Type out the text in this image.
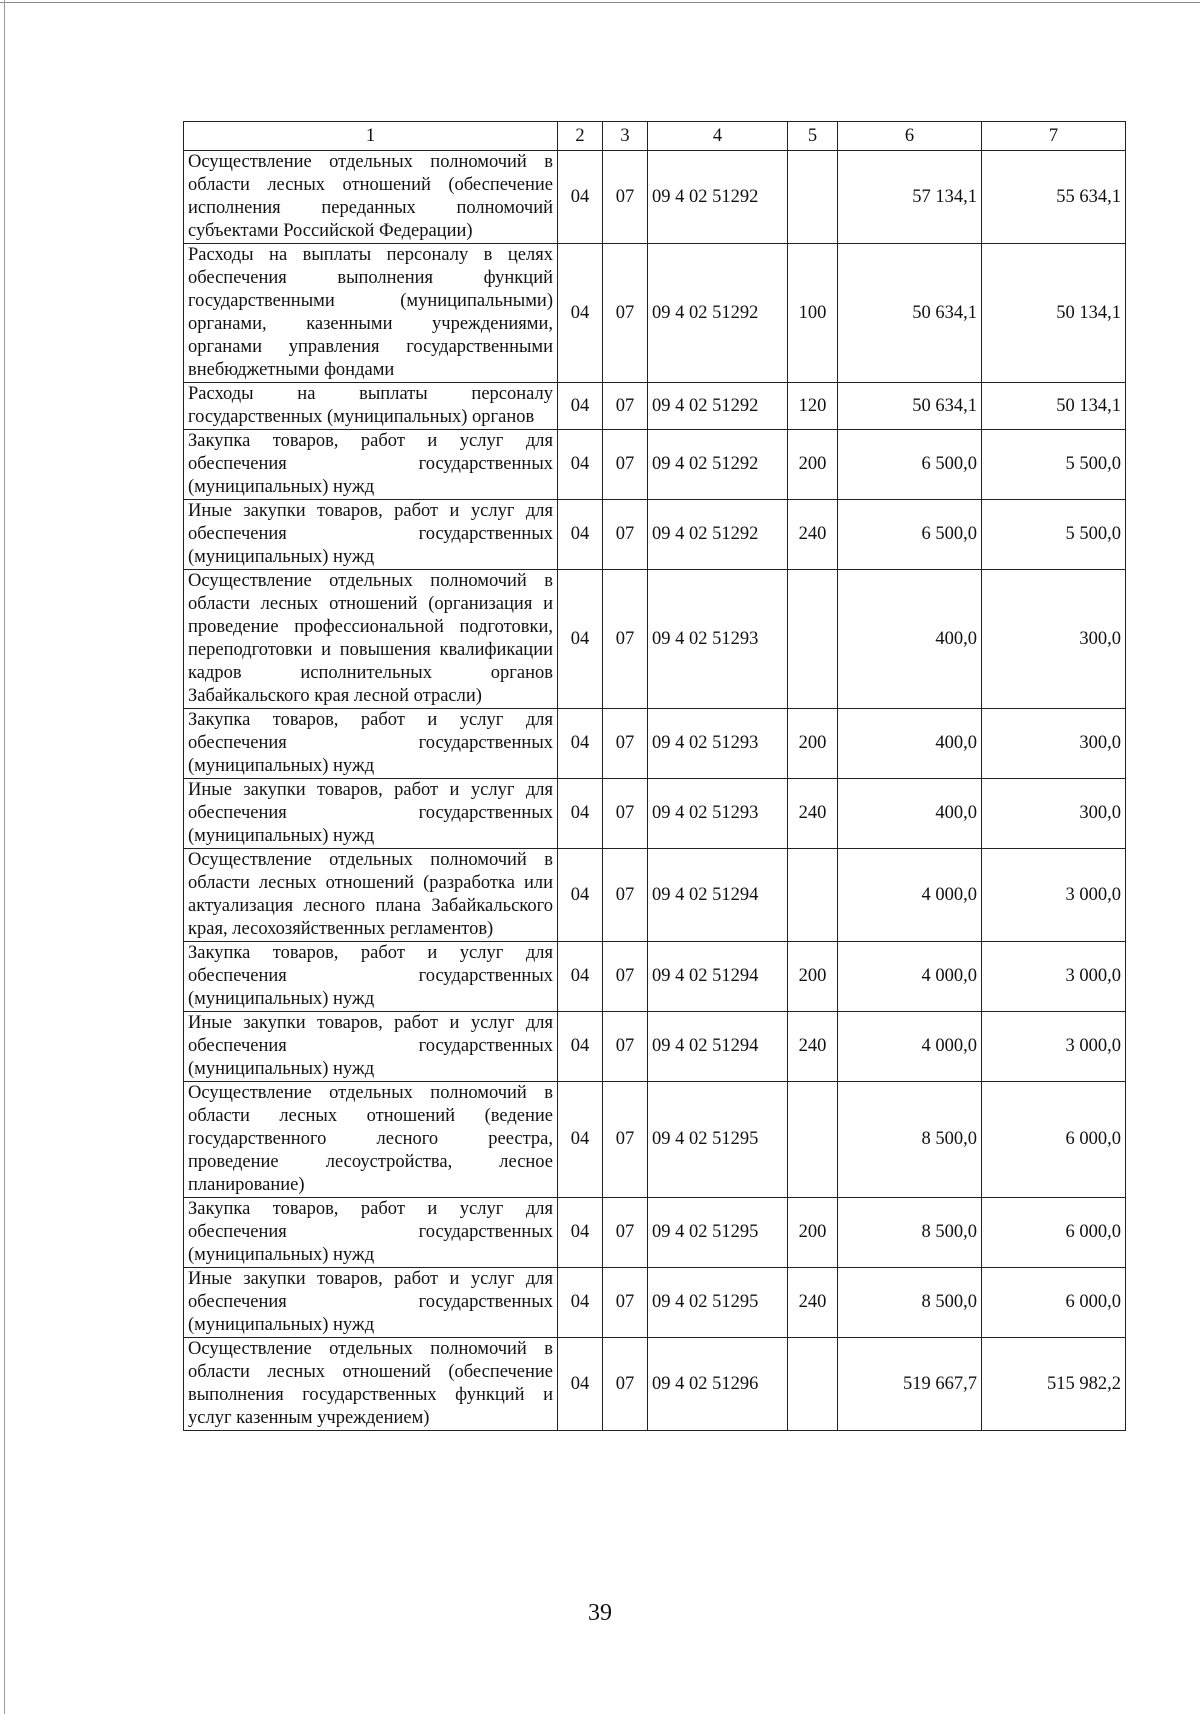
1	2	3	4	5	6	7
Осуществление отдельных полномочий в области лесных отношений (обеспечение исполнения переданных полномочий субъектами Российской Федерации)	04	07	09 4 02 51292		57 134,1	55 634,1
Расходы на выплаты персоналу в целях обеспечения выполнения функций государственными (муниципальными) органами, казенными учреждениями, органами управления государственными внебюджетными фондами	04	07	09 4 02 51292	100	50 634,1	50 134,1
Расходы на выплаты персоналу государственных (муниципальных) органов	04	07	09 4 02 51292	120	50 634,1	50 134,1
Закупка товаров, работ и услуг для обеспечения государственных (муниципальных) нужд	04	07	09 4 02 51292	200	6 500,0	5 500,0
Иные закупки товаров, работ и услуг для обеспечения государственных (муниципальных) нужд	04	07	09 4 02 51292	240	6 500,0	5 500,0
Осуществление отдельных полномочий в области лесных отношений (организация и проведение профессиональной подготовки, переподготовки и повышения квалификации кадров исполнительных органов Забайкальского края лесной отрасли)	04	07	09 4 02 51293		400,0	300,0
Закупка товаров, работ и услуг для обеспечения государственных (муниципальных) нужд	04	07	09 4 02 51293	200	400,0	300,0
Иные закупки товаров, работ и услуг для обеспечения государственных (муниципальных) нужд	04	07	09 4 02 51293	240	400,0	300,0
Осуществление отдельных полномочий в области лесных отношений (разработка или актуализация лесного плана Забайкальского края, лесохозяйственных регламентов)	04	07	09 4 02 51294		4 000,0	3 000,0
Закупка товаров, работ и услуг для обеспечения государственных (муниципальных) нужд	04	07	09 4 02 51294	200	4 000,0	3 000,0
Иные закупки товаров, работ и услуг для обеспечения государственных (муниципальных) нужд	04	07	09 4 02 51294	240	4 000,0	3 000,0
Осуществление отдельных полномочий в области лесных отношений (ведение государственного лесного реестра, проведение лесоустройства, лесное планирование)	04	07	09 4 02 51295		8 500,0	6 000,0
Закупка товаров, работ и услуг для обеспечения государственных (муниципальных) нужд	04	07	09 4 02 51295	200	8 500,0	6 000,0
Иные закупки товаров, работ и услуг для обеспечения государственных (муниципальных) нужд	04	07	09 4 02 51295	240	8 500,0	6 000,0
Осуществление отдельных полномочий в области лесных отношений (обеспечение выполнения государственных функций и услуг казенным учреждением)	04	07	09 4 02 51296		519 667,7	515 982,2
39
